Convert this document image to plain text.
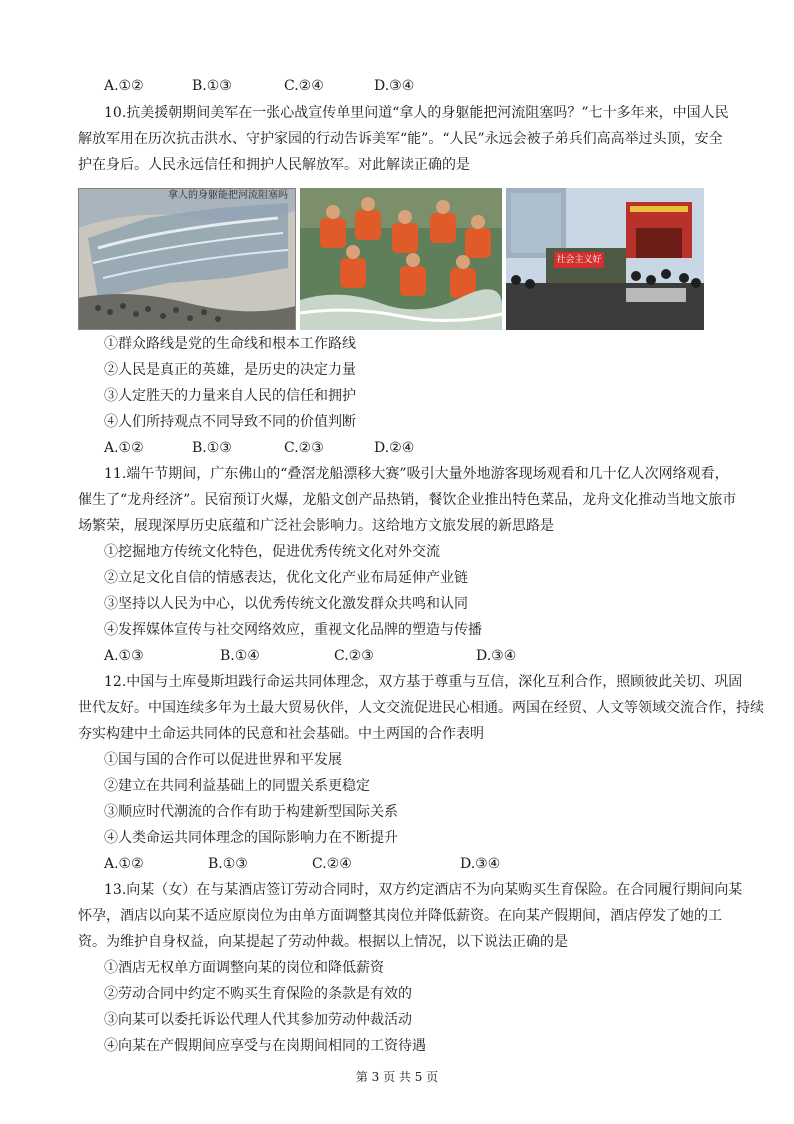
A.①②	B.①③	C.②④	D.③④
10.抗美援朝期间美军在一张心战宣传单里问道“拿人的身躯能把河流阻塞吗？”七十多年来，中国人民
解放军用在历次抗击洪水、守护家园的行动告诉美军“能”。“人民”永远会被子弟兵们高高举过头顶，安全
护在身后。人民永远信任和拥护人民解放军。对此解读正确的是
拿人的身躯能把河流阻塞吗
社会主义好
①群众路线是党的生命线和根本工作路线
②人民是真正的英雄，是历史的决定力量
③人定胜天的力量来自人民的信任和拥护
④人们所持观点不同导致不同的价值判断
A.①②	B.①③	C.②③	D.②④
11.端午节期间，广东佛山的“叠滘龙船漂移大赛”吸引大量外地游客现场观看和几十亿人次网络观看，
催生了“龙舟经济”。民宿预订火爆，龙船文创产品热销，餐饮企业推出特色菜品，龙舟文化推动当地文旅市
场繁荣，展现深厚历史底蕴和广泛社会影响力。这给地方文旅发展的新思路是
①挖掘地方传统文化特色，促进优秀传统文化对外交流
②立足文化自信的情感表达，优化文化产业布局延伸产业链
③坚持以人民为中心，以优秀传统文化激发群众共鸣和认同
④发挥媒体宣传与社交网络效应，重视文化品牌的塑造与传播
A.①③	B.①④	C.②③	D.③④
12.中国与土库曼斯坦践行命运共同体理念，双方基于尊重与互信，深化互利合作，照顾彼此关切、巩固
世代友好。中国连续多年为土最大贸易伙伴，人文交流促进民心相通。两国在经贸、人文等领域交流合作，持续
夯实构建中土命运共同体的民意和社会基础。中土两国的合作表明
①国与国的合作可以促进世界和平发展
②建立在共同利益基础上的同盟关系更稳定
③顺应时代潮流的合作有助于构建新型国际关系
④人类命运共同体理念的国际影响力在不断提升
A.①②	B.①③	C.②④	D.③④
13.向某（女）在与某酒店签订劳动合同时，双方约定酒店不为向某购买生育保险。在合同履行期间向某
怀孕，酒店以向某不适应原岗位为由单方面调整其岗位并降低薪资。在向某产假期间，酒店停发了她的工
资。为维护自身权益，向某提起了劳动仲裁。根据以上情况，以下说法正确的是
①酒店无权单方面调整向某的岗位和降低薪资
②劳动合同中约定不购买生育保险的条款是有效的
③向某可以委托诉讼代理人代其参加劳动仲裁活动
④向某在产假期间应享受与在岗期间相同的工资待遇
第 3 页 共 5 页
